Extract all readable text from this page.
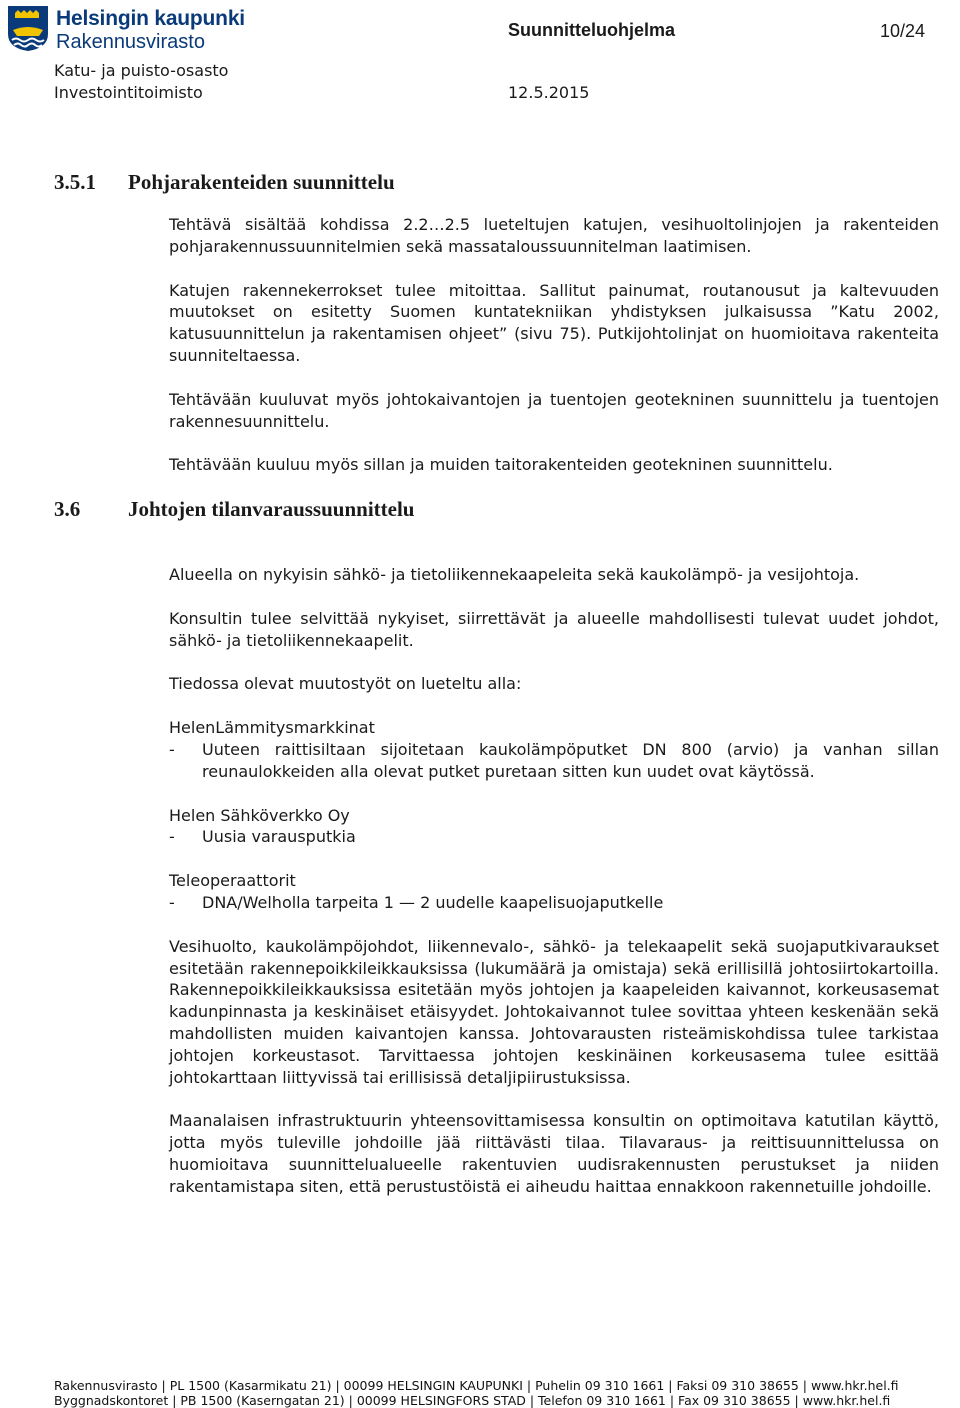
Helsingin kaupunki
Rakennusvirasto
Suunnitteluohjelma	10/24
Katu- ja puisto-osasto
Investointitoimisto	12.5.2015
3.5.1 Pohjarakenteiden suunnittelu

Tehtävä sisältää kohdissa 2.2…2.5 lueteltujen katujen, vesihuoltolinjojen ja rakenteiden pohjarakennussuunnitelmien sekä massataloussuunnitelman laatimisen.

Katujen rakennekerrokset tulee mitoittaa. Sallitut painumat, routanousut ja kaltevuuden muutokset on esitetty Suomen kuntatekniikan yhdistyksen julkaisussa ”Katu 2002, katusuunnittelun ja rakentamisen ohjeet” (sivu 75). Putkijohtolinjat on huomioitava rakenteita suunniteltaessa.

Tehtävään kuuluvat myös johtokaivantojen ja tuentojen geotekninen suunnittelu ja tuentojen rakennesuunnittelu.

Tehtävään kuuluu myös sillan ja muiden taitorakenteiden geotekninen suunnittelu.

3.6 Johtojen tilanvaraussuunnittelu

Alueella on nykyisin sähkö- ja tietoliikennekaapeleita sekä kaukolämpö- ja vesijohtoja.

Konsultin tulee selvittää nykyiset, siirrettävät ja alueelle mahdollisesti tulevat uudet johdot, sähkö- ja tietoliikennekaapelit.

Tiedossa olevat muutostyöt on lueteltu alla:

HelenLämmitysmarkkinat
-	Uuteen raittisiltaan sijoitetaan kaukolämpöputket DN 800 (arvio) ja vanhan sillan reunaulokkeiden alla olevat putket puretaan sitten kun uudet ovat käytössä.
Helen Sähköverkko Oy
-	Uusia varausputkia
Teleoperaattorit
-	DNA/Welholla tarpeita 1 — 2 uudelle kaapelisuojaputkelle

Vesihuolto, kaukolämpöjohdot, liikennevalo-, sähkö- ja telekaapelit sekä suojaputkivaraukset esitetään rakennepoikkileikkauksissa (lukumäärä ja omistaja) sekä erillisillä johtosiirtokartoilla. Rakennepoikkileikkauksissa esitetään myös johtojen ja kaapeleiden kaivannot, korkeusasemat kadunpinnasta ja keskinäiset etäisyydet. Johtokaivannot tulee sovittaa yhteen keskenään sekä mahdollisten muiden kaivantojen kanssa. Johtovarausten risteämiskohdissa tulee tarkistaa johtojen korkeustasot. Tarvittaessa johtojen keskinäinen korkeusasema tulee esittää johtokarttaan liittyvissä tai erillisissä detaljipiirustuksissa.

Maanalaisen infrastruktuurin yhteensovittamisessa konsultin on optimoitava katutilan käyttö, jotta myös tuleville johdoille jää riittävästi tilaa. Tilavaraus- ja reittisuunnittelussa on huomioitava suunnittelualueelle rakentuvien uudisrakennusten perustukset ja niiden rakentamistapa siten, että perustustöistä ei aiheudu haittaa ennakkoon rakennetuille johdoille.

Rakennusvirasto | PL 1500 (Kasarmikatu 21) | 00099 HELSINGIN KAUPUNKI | Puhelin 09 310 1661 | Faksi 09 310 38655 | www.hkr.hel.fi
Byggnadskontoret | PB 1500 (Kaserngatan 21) | 00099 HELSINGFORS STAD | Telefon 09 310 1661 | Fax 09 310 38655 | www.hkr.hel.fi
